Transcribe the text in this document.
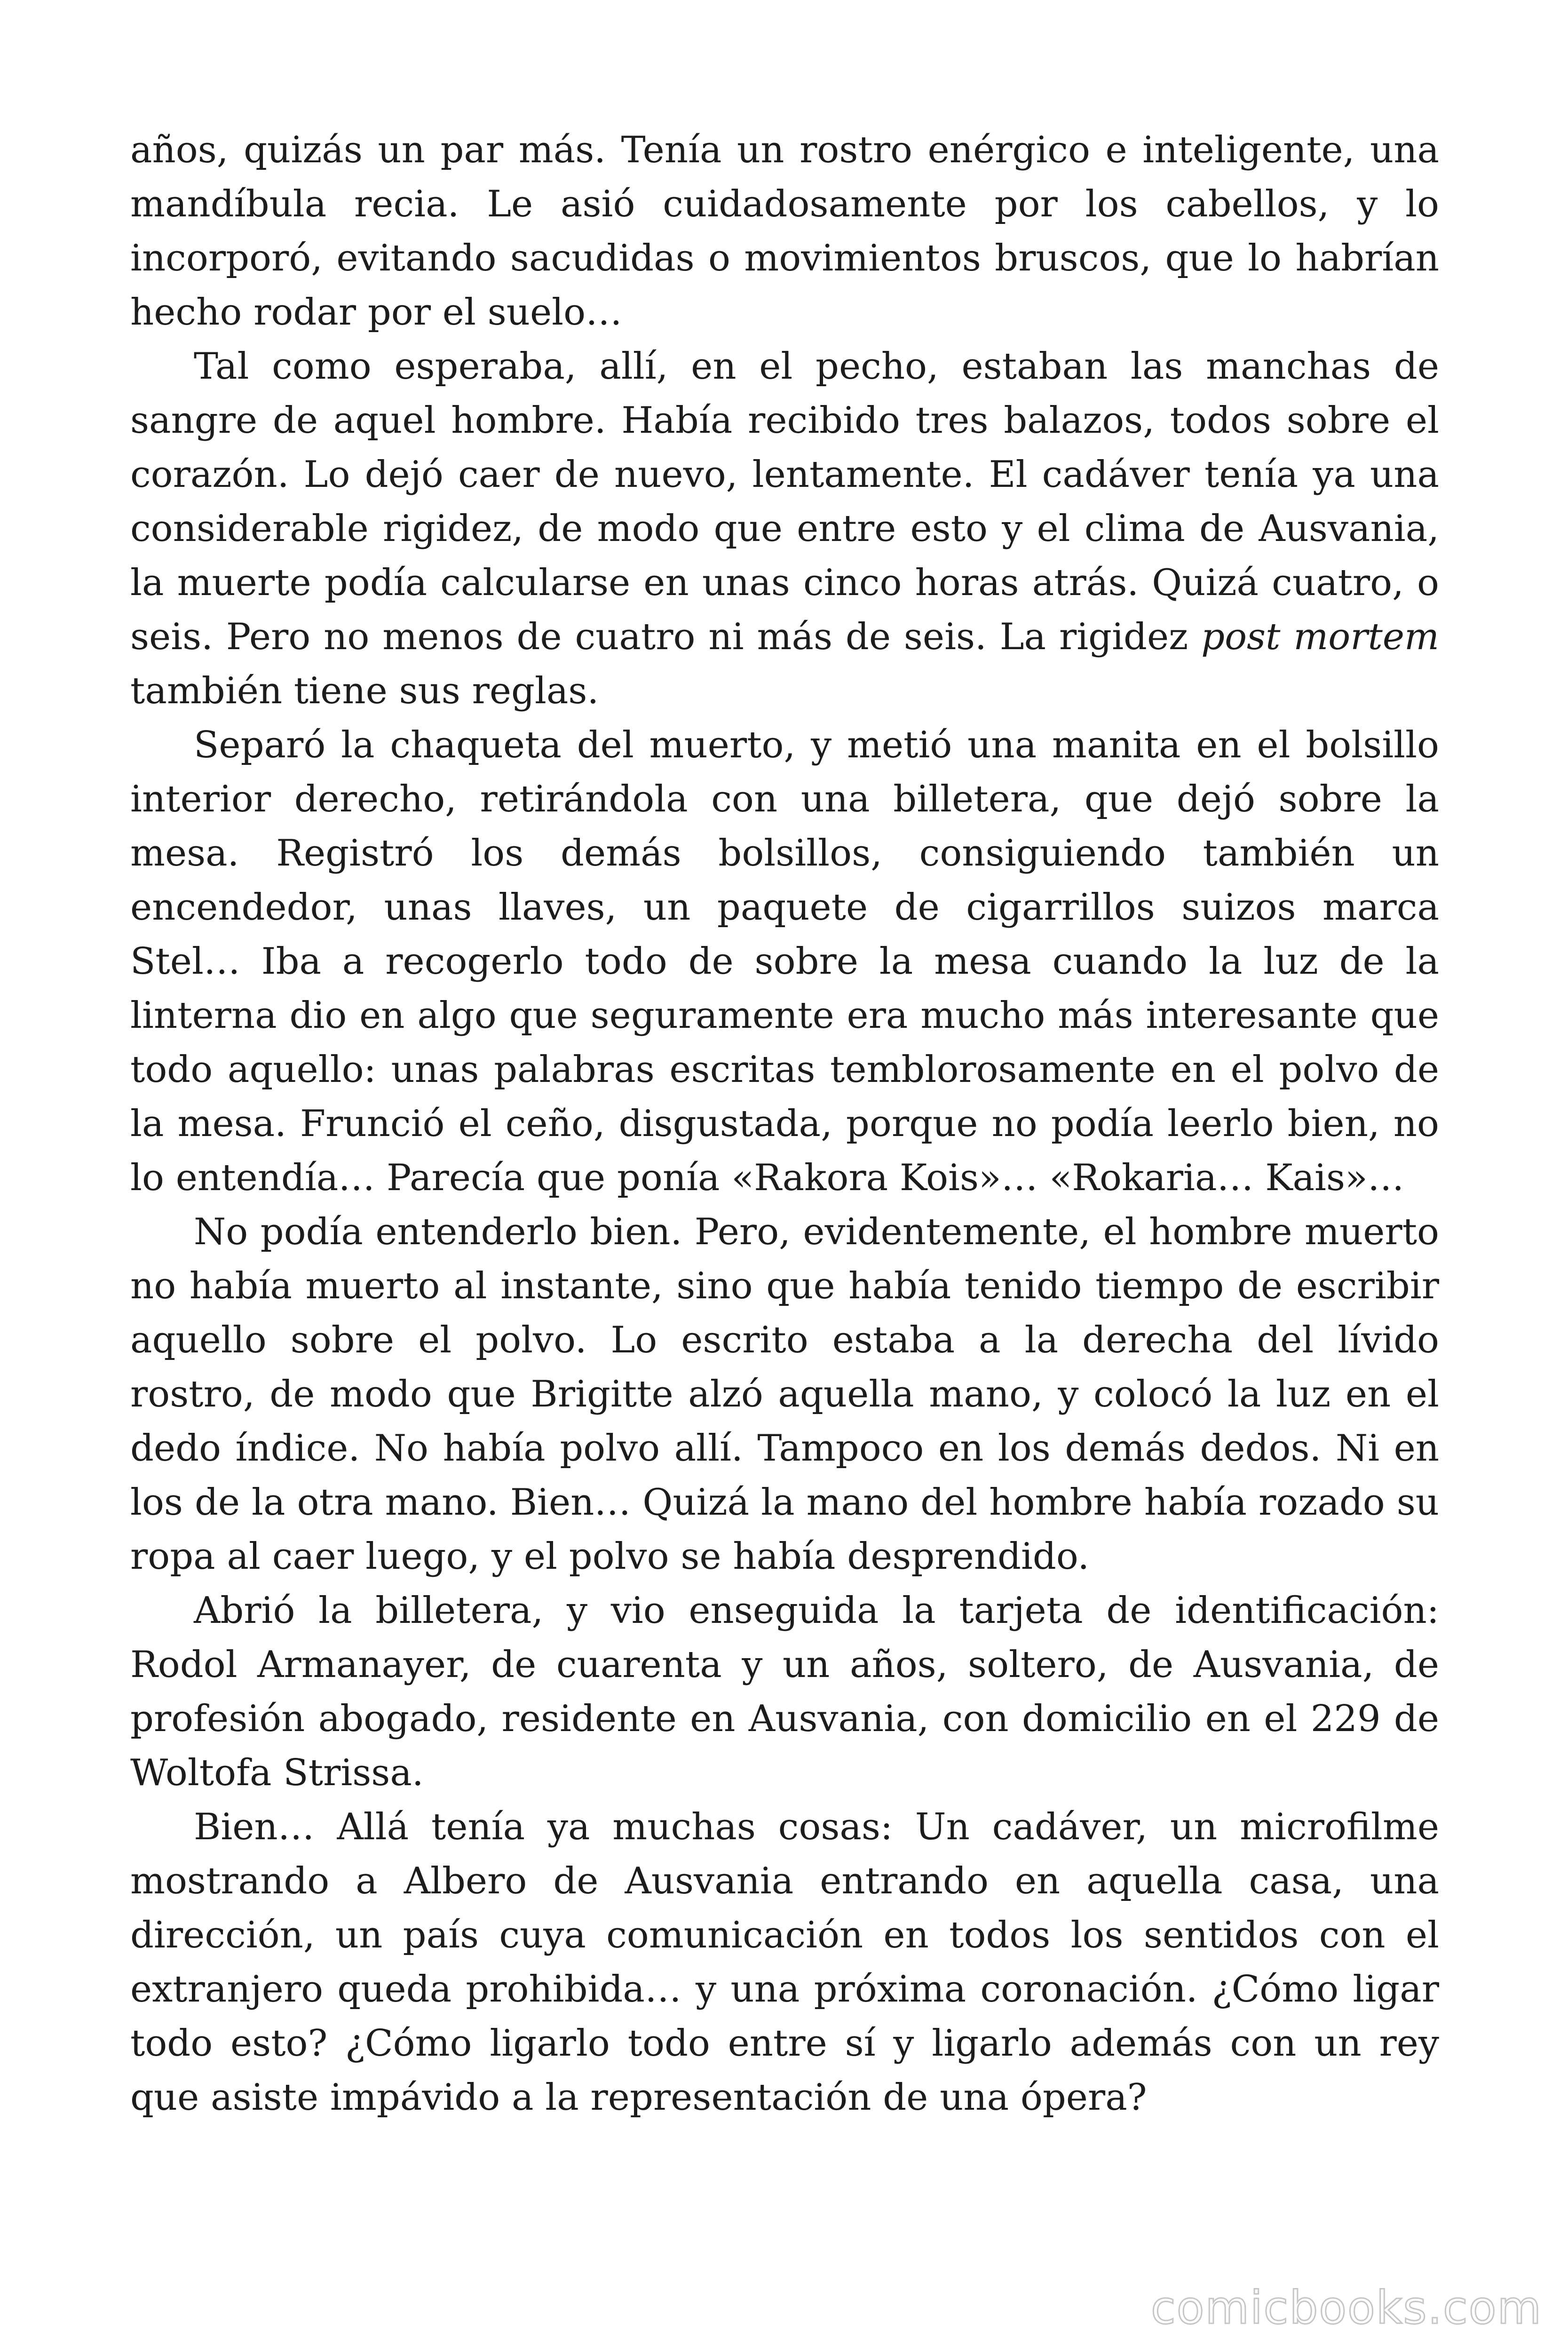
años, quizás un par más. Tenía un rostro enérgico e inteligente, una mandíbula recia. Le asió cuidadosamente por los cabellos, y lo incorporó, evitando sacudidas o movimientos bruscos, que lo habrían hecho rodar por el suelo…

Tal como esperaba, allí, en el pecho, estaban las manchas de sangre de aquel hombre. Había recibido tres balazos, todos sobre el corazón. Lo dejó caer de nuevo, lentamente. El cadáver tenía ya una considerable rigidez, de modo que entre esto y el clima de Ausvania, la muerte podía calcularse en unas cinco horas atrás. Quizá cuatro, o seis. Pero no menos de cuatro ni más de seis. La rigidez post mortem también tiene sus reglas.

Separó la chaqueta del muerto, y metió una manita en el bolsillo interior derecho, retirándola con una billetera, que dejó sobre la mesa. Registró los demás bolsillos, consiguiendo también un encendedor, unas llaves, un paquete de cigarrillos suizos marca Stel… Iba a recogerlo todo de sobre la mesa cuando la luz de la linterna dio en algo que seguramente era mucho más interesante que todo aquello: unas palabras escritas temblorosamente en el polvo de la mesa. Frunció el ceño, disgustada, porque no podía leerlo bien, no lo entendía… Parecía que ponía «Rakora Kois»… «Rokaria… Kais»…

No podía entenderlo bien. Pero, evidentemente, el hombre muerto no había muerto al instante, sino que había tenido tiempo de escribir aquello sobre el polvo. Lo escrito estaba a la derecha del lívido rostro, de modo que Brigitte alzó aquella mano, y colocó la luz en el dedo índice. No había polvo allí. Tampoco en los demás dedos. Ni en los de la otra mano. Bien… Quizá la mano del hombre había rozado su ropa al caer luego, y el polvo se había desprendido.

Abrió la billetera, y vio enseguida la tarjeta de identificación: Rodol Armanayer, de cuarenta y un años, soltero, de Ausvania, de profesión abogado, residente en Ausvania, con domicilio en el 229 de Woltofa Strissa.

Bien… Allá tenía ya muchas cosas: Un cadáver, un microfilme mostrando a Albero de Ausvania entrando en aquella casa, una dirección, un país cuya comunicación en todos los sentidos con el extranjero queda prohibida… y una próxima coronación. ¿Cómo ligar todo esto? ¿Cómo ligarlo todo entre sí y ligarlo además con un rey que asiste impávido a la representación de una ópera?

comicbooks.com
